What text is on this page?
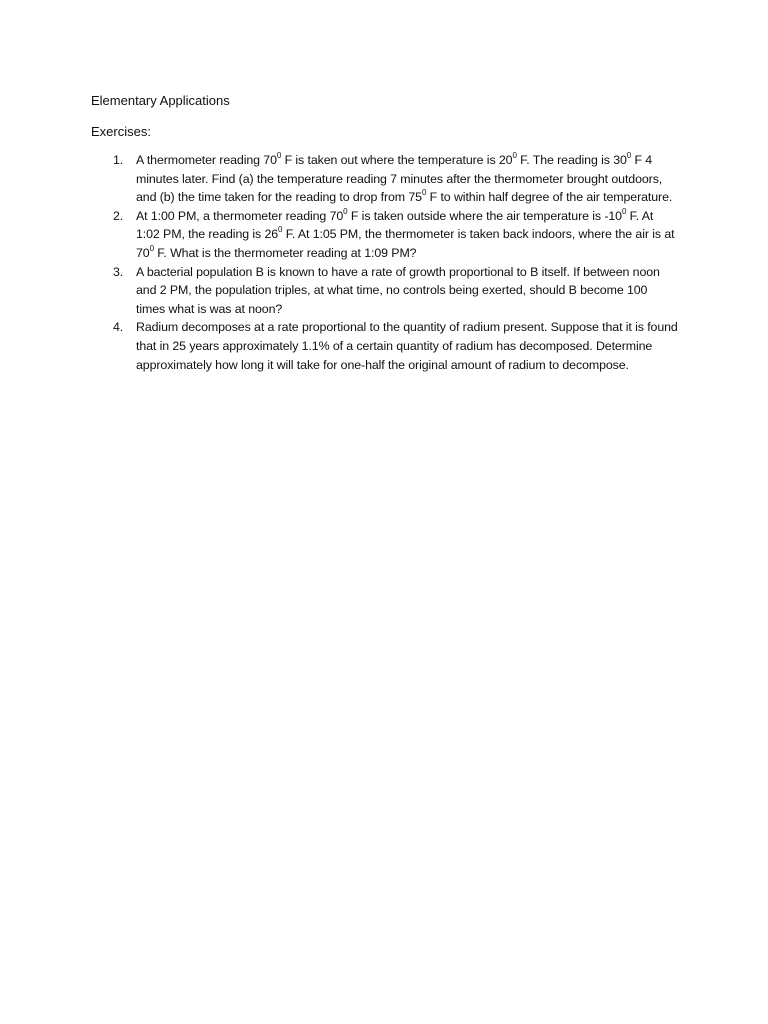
Elementary Applications
Exercises:
1. A thermometer reading $70^0$ F is taken out where the temperature is $20^0$ F. The reading is $30^0$ F 4 minutes later. Find (a) the temperature reading 7 minutes after the thermometer brought outdoors, and (b) the time taken for the reading to drop from $75^0$ F to within half degree of the air temperature.
2. At 1:00 PM, a thermometer reading $70^0$ F is taken outside where the air temperature is $-10^0$ F. At 1:02 PM, the reading is $26^0$ F. At 1:05 PM, the thermometer is taken back indoors, where the air is at $70^0$ F. What is the thermometer reading at 1:09 PM?
3. A bacterial population B is known to have a rate of growth proportional to B itself. If between noon and 2 PM, the population triples, at what time, no controls being exerted, should B become 100 times what is was at noon?
4. Radium decomposes at a rate proportional to the quantity of radium present. Suppose that it is found that in 25 years approximately 1.1% of a certain quantity of radium has decomposed. Determine approximately how long it will take for one-half the original amount of radium to decompose.
